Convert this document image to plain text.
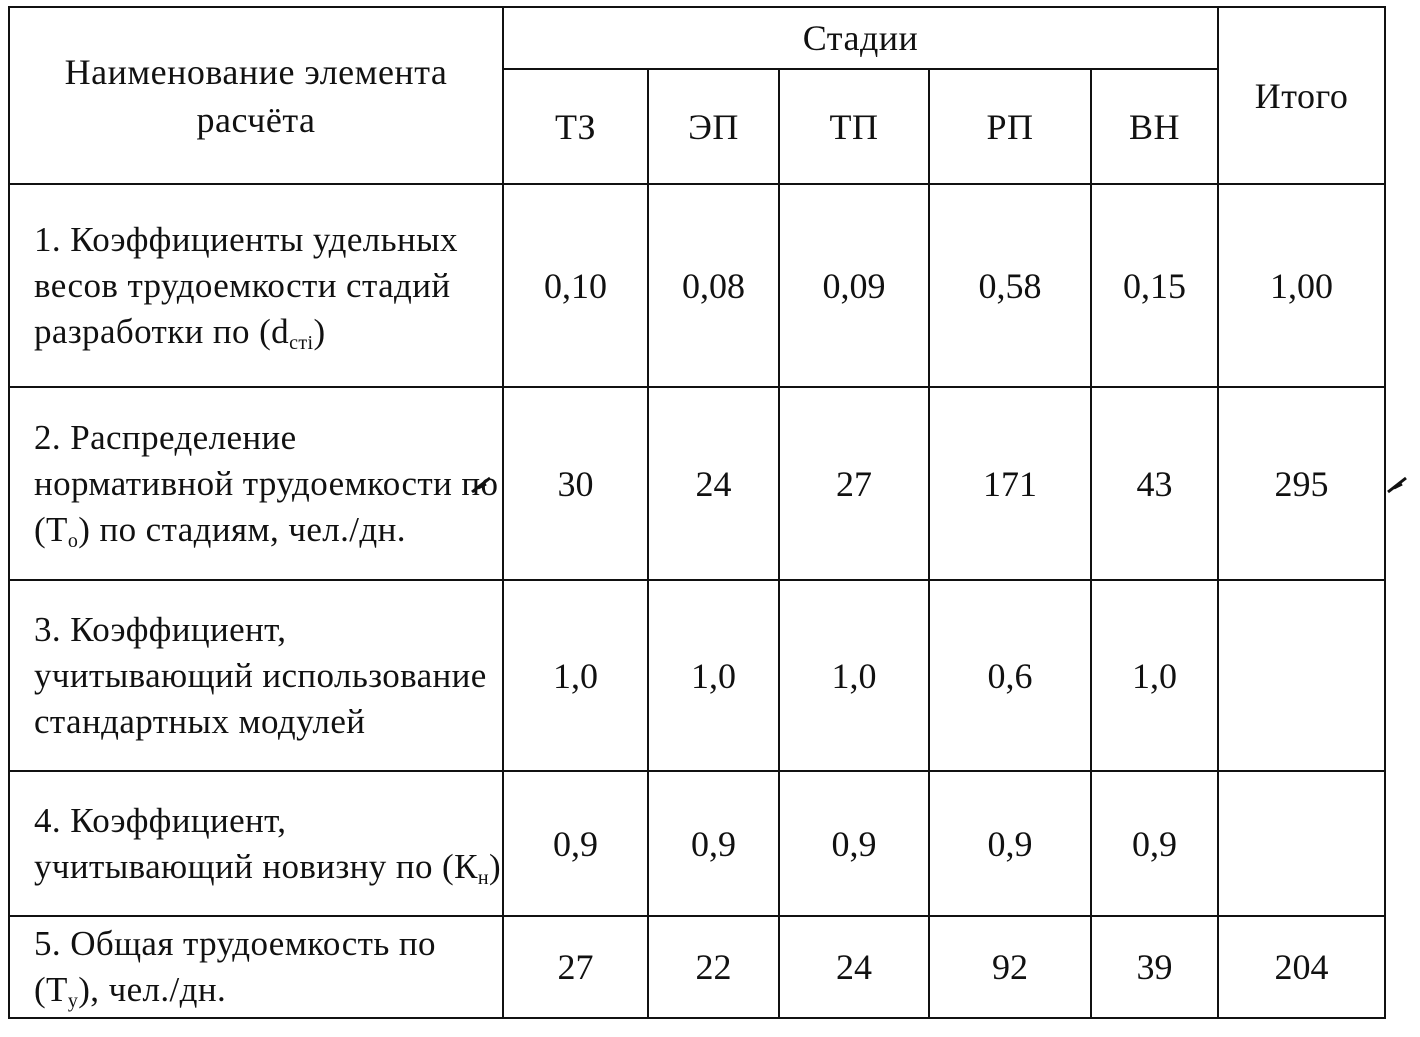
Наименование элемента расчёта	Стадии					Итого
	ТЗ	ЭП	ТП	РП	ВН	
1. Коэффициенты удельных весов трудоемкости стадий разработки по $(d_{стi})$	0,10	0,08	0,09	0,58	0,15	1,00
2. Распределение нормативной трудоемкости по $(Т_о)$ по стадиям, чел./дн.	30	24	27	171	43	295
3. Коэффициент, учитывающий использование стандартных модулей	1,0	1,0	1,0	0,6	1,0	
4. Коэффициент, учитывающий новизну по $(К_н)$	0,9	0,9	0,9	0,9	0,9	
5. Общая трудоемкость по $(Т_у)$, чел./дн.	27	22	24	92	39	204
